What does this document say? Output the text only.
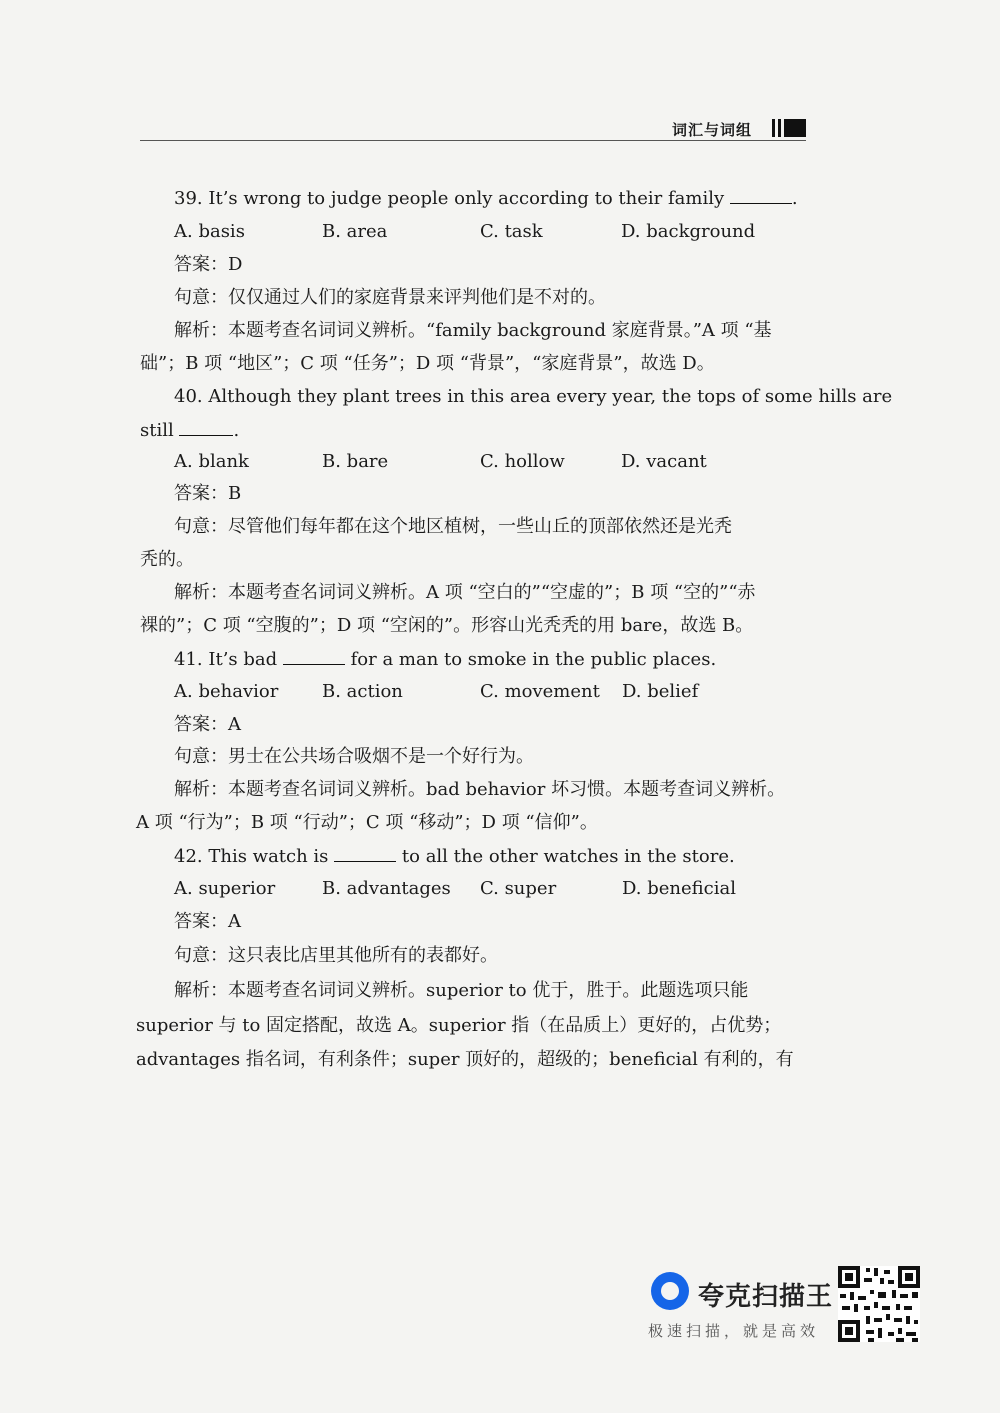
词汇与词组
39. It’s wrong to judge people only according to their family	.
A. basis	B. area	C. task	D. background
答案：D
句意：仅仅通过人们的家庭背景来评判他们是不对的。
解析：本题考查名词词义辨析。“family background 家庭背景。”A 项 “基
础”；B 项 “地区”；C 项 “任务”；D 项 “背景”，“家庭背景”，故选 D。
40. Although they plant trees in this area every year, the tops of some hills are
still	.
A. blank	B. bare	C. hollow	D. vacant
答案：B
句意：尽管他们每年都在这个地区植树，一些山丘的顶部依然还是光秃
秃的。
解析：本题考查名词词义辨析。A 项 “空白的”“空虚的”；B 项 “空的”“赤
裸的”；C 项 “空腹的”；D 项 “空闲的”。形容山光秃秃的用 bare，故选 B。
41. It’s bad	for a man to smoke in the public places.
A. behavior B. action	C. movement D. belief
答案：A
句意：男士在公共场合吸烟不是一个好行为。
解析：本题考查名词词义辨析。bad behavior 坏习惯。本题考查词义辨析。
A 项 “行为”；B 项 “行动”；C 项 “移动”；D 项 “信仰”。
42. This watch is	to all the other watches in the store.
A. superior	B. advantages C. super	D. beneficial
答案：A
句意：这只表比店里其他所有的表都好。
解析：本题考查名词词义辨析。superior to 优于，胜于。此题选项只能
superior 与 to 固定搭配，故选 A。superior 指（在品质上）更好的，占优势；
advantages 指名词，有利条件；super 顶好的，超级的；beneficial 有利的，有
夸克扫描王
极速扫描，就是高效
